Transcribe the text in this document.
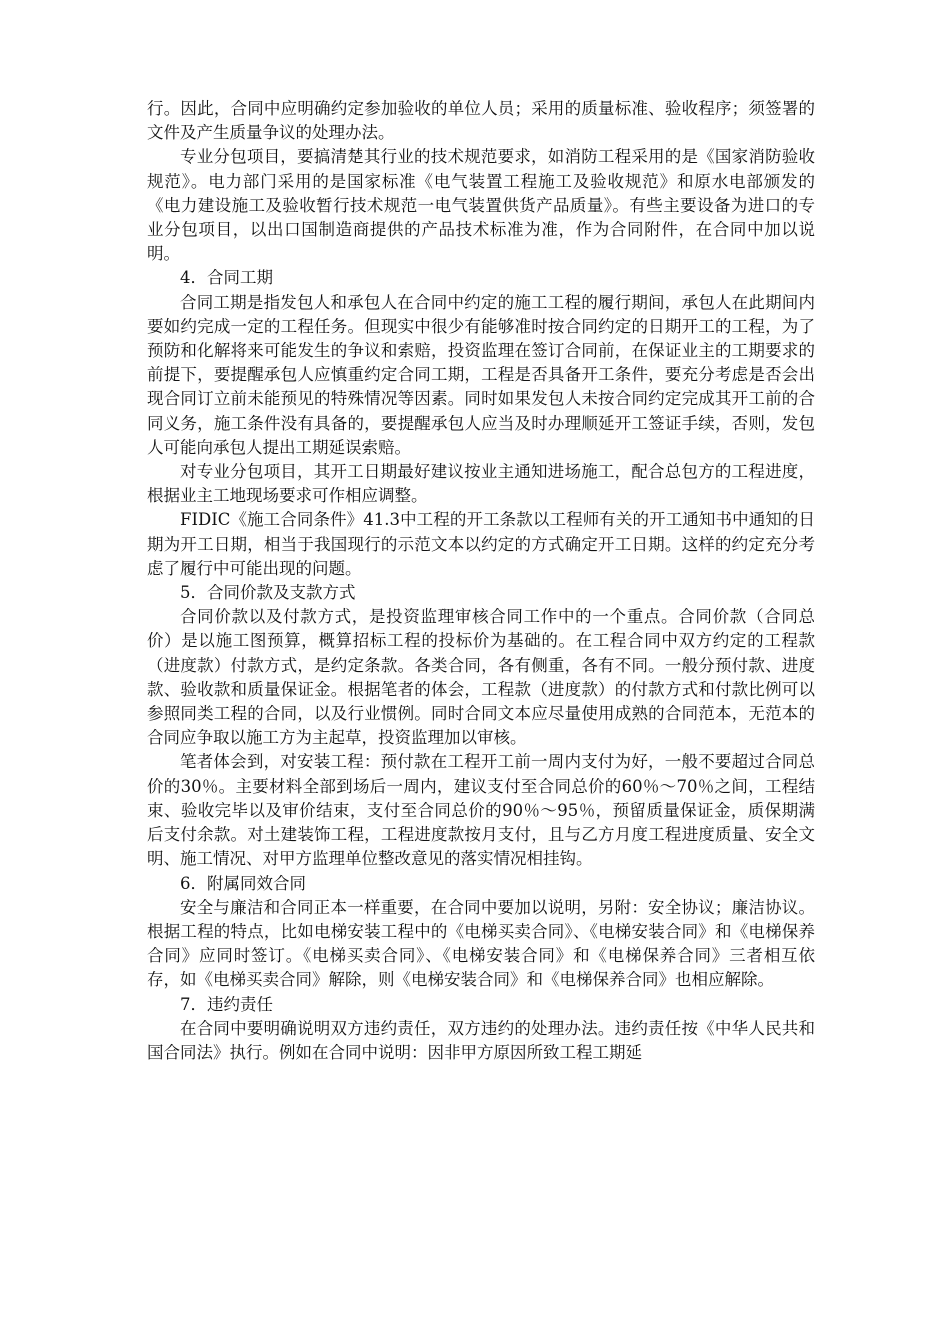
行。因此，合同中应明确约定参加验收的单位人员；采用的质量标准、验收程序；须签署的文件及产生质量争议的处理办法。

专业分包项目，要搞清楚其行业的技术规范要求，如消防工程采用的是《国家消防验收规范》。电力部门采用的是国家标准《电气装置工程施工及验收规范》和原水电部颁发的《电力建设施工及验收暂行技术规范一电气装置供货产品质量》。有些主要设备为进口的专业分包项目，以出口国制造商提供的产品技术标准为准，作为合同附件，在合同中加以说明。

4．合同工期

合同工期是指发包人和承包人在合同中约定的施工工程的履行期间，承包人在此期间内要如约完成一定的工程任务。但现实中很少有能够准时按合同约定的日期开工的工程，为了预防和化解将来可能发生的争议和索赔，投资监理在签订合同前，在保证业主的工期要求的前提下，要提醒承包人应慎重约定合同工期，工程是否具备开工条件，要充分考虑是否会出现合同订立前未能预见的特殊情况等因素。同时如果发包人未按合同约定完成其开工前的合同义务，施工条件没有具备的，要提醒承包人应当及时办理顺延开工签证手续，否则，发包人可能向承包人提出工期延误索赔。

对专业分包项目，其开工日期最好建议按业主通知进场施工，配合总包方的工程进度，根据业主工地现场要求可作相应调整。

FIDIC《施工合同条件》41.3中工程的开工条款以工程师有关的开工通知书中通知的日期为开工日期，相当于我国现行的示范文本以约定的方式确定开工日期。这样的约定充分考虑了履行中可能出现的问题。

5．合同价款及支款方式

合同价款以及付款方式，是投资监理审核合同工作中的一个重点。合同价款（合同总价）是以施工图预算，概算招标工程的投标价为基础的。在工程合同中双方约定的工程款（进度款）付款方式，是约定条款。各类合同，各有侧重，各有不同。一般分预付款、进度款、验收款和质量保证金。根据笔者的体会，工程款（进度款）的付款方式和付款比例可以参照同类工程的合同，以及行业惯例。同时合同文本应尽量使用成熟的合同范本，无范本的合同应争取以施工方为主起草，投资监理加以审核。

笔者体会到，对安装工程：预付款在工程开工前一周内支付为好，一般不要超过合同总价的30％。主要材料全部到场后一周内，建议支付至合同总价的60％～70％之间，工程结束、验收完毕以及审价结束，支付至合同总价的90％～95％，预留质量保证金，质保期满后支付余款。对土建装饰工程，工程进度款按月支付，且与乙方月度工程进度质量、安全文明、施工情况、对甲方监理单位整改意见的落实情况相挂钩。

6．附属同效合同

安全与廉洁和合同正本一样重要，在合同中要加以说明，另附：安全协议；廉洁协议。根据工程的特点，比如电梯安装工程中的《电梯买卖合同》、《电梯安装合同》和《电梯保养合同》应同时签订。《电梯买卖合同》、《电梯安装合同》和《电梯保养合同》三者相互依存，如《电梯买卖合同》解除，则《电梯安装合同》和《电梯保养合同》也相应解除。

7．违约责任

在合同中要明确说明双方违约责任，双方违约的处理办法。违约责任按《中华人民共和国合同法》执行。例如在合同中说明：因非甲方原因所致工程工期延
